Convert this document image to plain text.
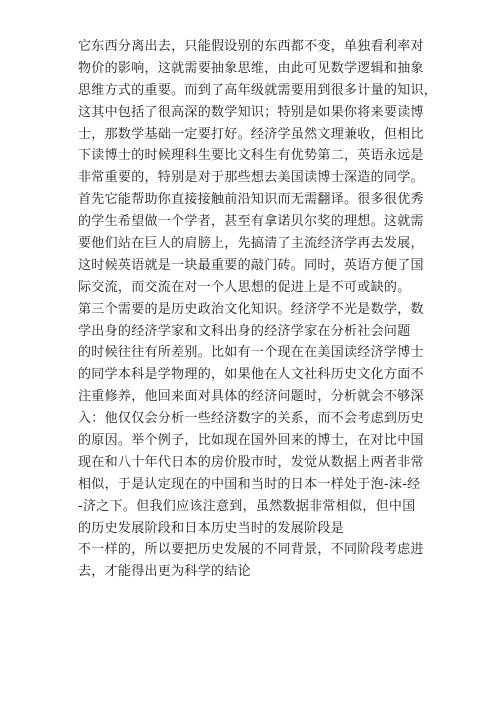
它东西分离出去，只能假设别的东西都不变，单独看利率对
物价的影响，这就需要抽象思维，由此可见数学逻辑和抽象
思维方式的重要。而到了高年级就需要用到很多计量的知识，
这其中包括了很高深的数学知识；特别是如果你将来要读博
士，那数学基础一定要打好。经济学虽然文理兼收，但相比
下读博士的时候理科生要比文科生有优势第二，英语永远是
非常重要的，特别是对于那些想去美国读博士深造的同学。
首先它能帮助你直接接触前沿知识而无需翻译。很多很优秀
的学生希望做一个学者，甚至有拿诺贝尔奖的理想。这就需
要他们站在巨人的肩膀上，先搞清了主流经济学再去发展，
这时候英语就是一块最重要的敲门砖。同时，英语方便了国
际交流，而交流在对一个人思想的促进上是不可或缺的。
第三个需要的是历史政治文化知识。经济学不光是数学，数
学出身的经济学家和文科出身的经济学家在分析社会问题
的时候往往有所差别。比如有一个现在在美国读经济学博士
的同学本科是学物理的，如果他在人文社科历史文化方面不
注重修养，他回来面对具体的经济问题时，分析就会不够深
入：他仅仅会分析一些经济数字的关系，而不会考虑到历史
的原因。举个例子，比如现在国外回来的博士，在对比中国
现在和八十年代日本的房价股市时，发觉从数据上两者非常
相似，于是认定现在的中国和当时的日本一样处于泡-沫-经
-济之下。但我们应该注意到，虽然数据非常相似，但中国
的历史发展阶段和日本历史当时的发展阶段是
不一样的，所以要把历史发展的不同背景，不同阶段考虑进
去，才能得出更为科学的结论
